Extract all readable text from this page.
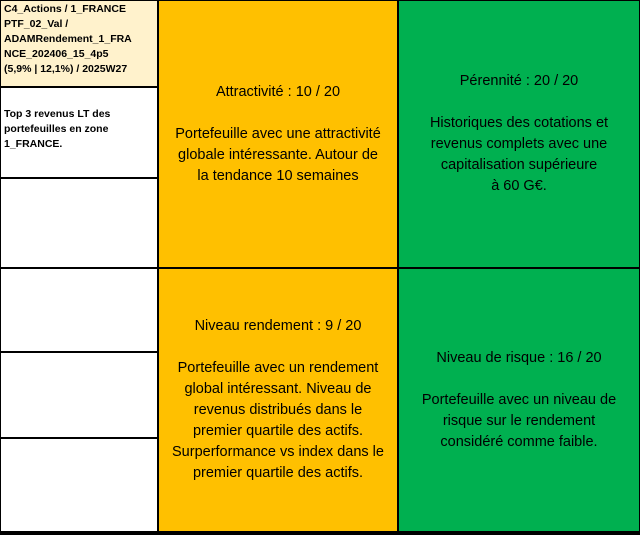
C4_Actions / 1_FRANCE
PTF_02_Val /
ADAMRendement_1_FRA
NCE_202406_15_4p5
(5,9% | 12,1%) / 2025W27
Top 3 revenus LT des
portefeuilles en zone
1_FRANCE.
Attractivité : 10 / 20
Portefeuille avec une attractivité
globale intéressante. Autour de
la tendance 10 semaines
Pérennité : 20 / 20
Historiques des cotations et
revenus complets avec une
capitalisation supérieure
à 60 G€.
Niveau rendement : 9 / 20
Portefeuille avec un rendement
global intéressant. Niveau de
revenus distribués dans le
premier quartile des actifs.
Surperformance vs index dans le
premier quartile des actifs.
Niveau de risque : 16 / 20
Portefeuille avec un niveau de
risque sur le rendement
considéré comme faible.
